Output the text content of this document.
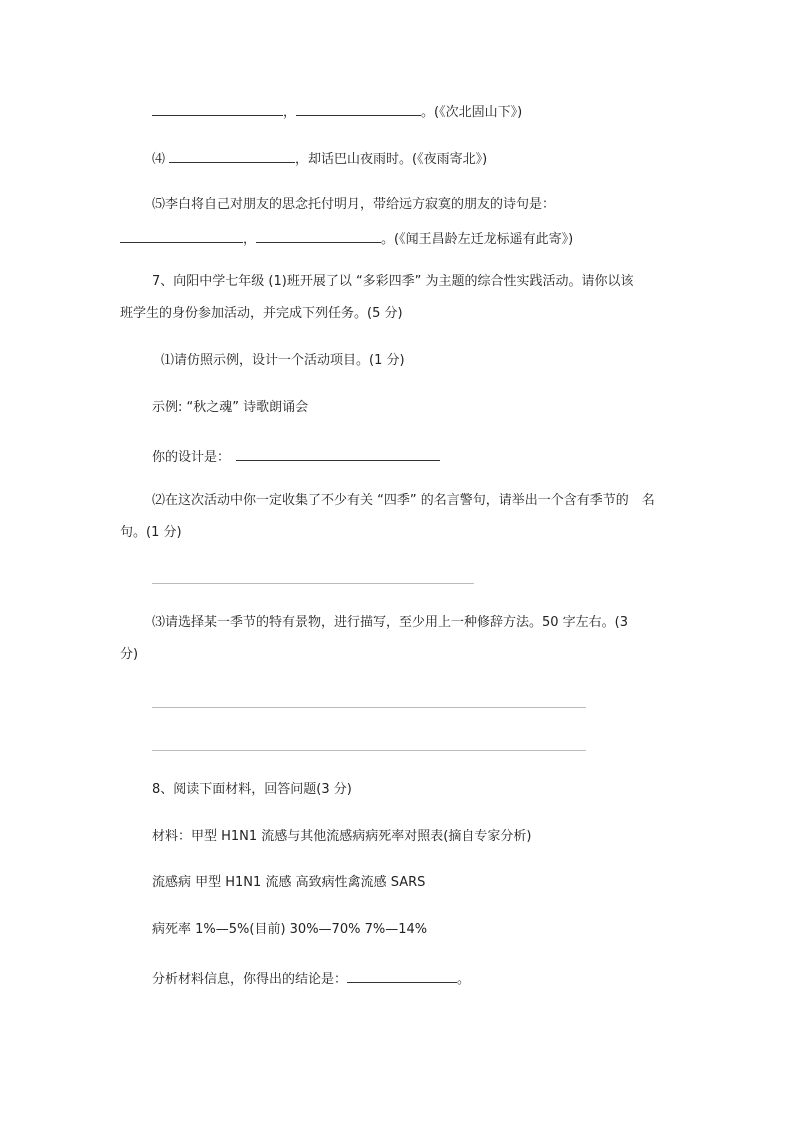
，	。(《次北固山下》)
⑷	，却话巴山夜雨时。(《夜雨寄北》)
⑸李白将自己对朋友的思念托付明月，带给远方寂寞的朋友的诗句是：
，	。(《闻王昌龄左迁龙标遥有此寄》)
7、向阳中学七年级 (1)班开展了以 “多彩四季” 为主题的综合性实践活动。请你以该
班学生的身份参加活动，并完成下列任务。(5 分)
⑴请仿照示例，设计一个活动项目。(1 分)
示例: “秋之魂” 诗歌朗诵会
你的设计是：
⑵在这次活动中你一定收集了不少有关 “四季” 的名言警句，请举出一个含有季节的　名
句。(1 分)
⑶请选择某一季节的特有景物，进行描写，至少用上一种修辞方法。50 字左右。(3
分)
8、阅读下面材料，回答问题(3 分)
材料：甲型 H1N1 流感与其他流感病病死率对照表(摘自专家分析)
流感病 甲型 H1N1 流感 高致病性禽流感 SARS
病死率 1%—5%(目前) 30%—70% 7%—14%
分析材料信息，你得出的结论是：	。
